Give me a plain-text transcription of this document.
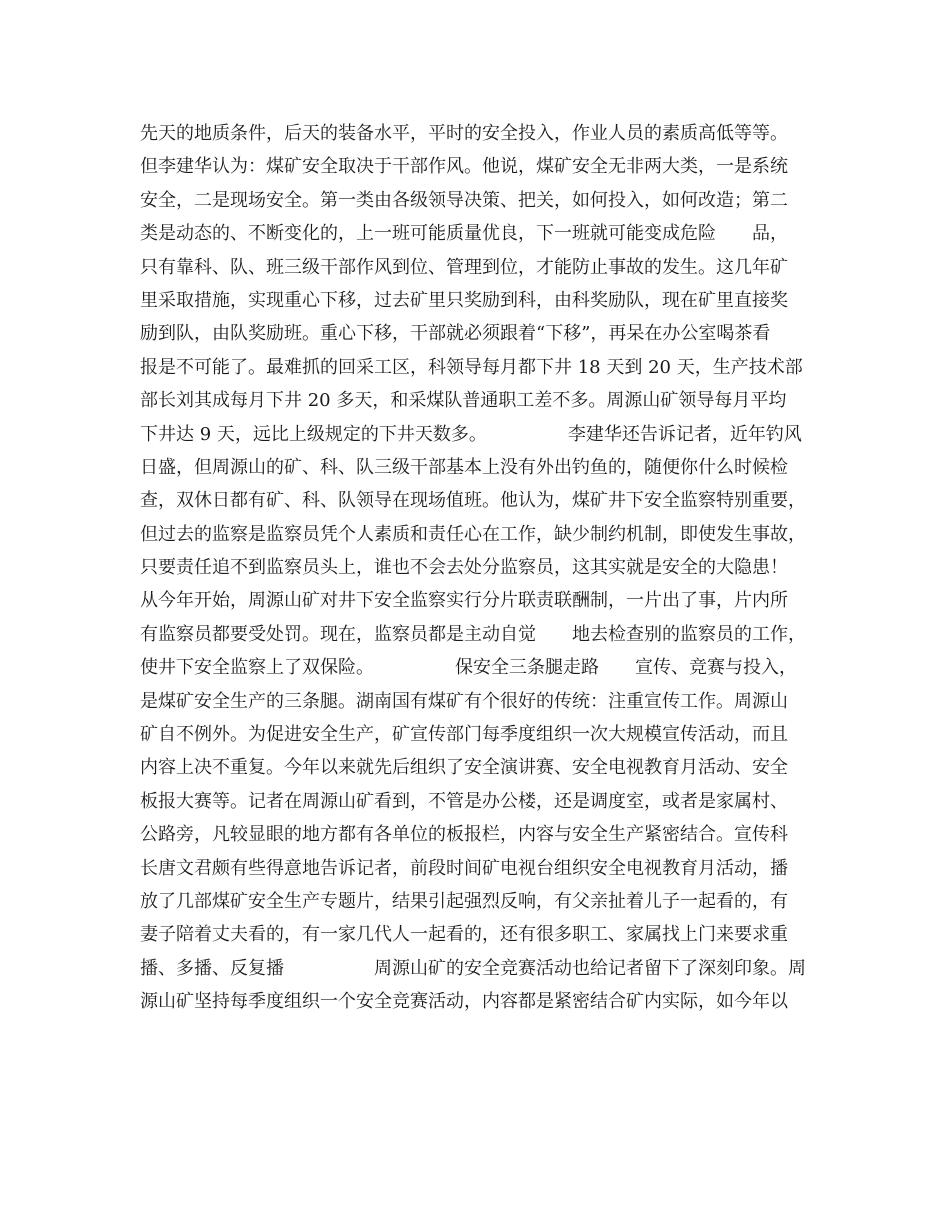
先天的地质条件，后天的装备水平，平时的安全投入，作业人员的素质高低等等。
但李建华认为：煤矿安全取决于干部作风。他说，煤矿安全无非两大类，一是系统
安全，二是现场安全。第一类由各级领导决策、把关，如何投入，如何改造；第二
类是动态的、不断变化的，上一班可能质量优良，下一班就可能变成危险　　品，
只有靠科、队、班三级干部作风到位、管理到位，才能防止事故的发生。这几年矿
里采取措施，实现重心下移，过去矿里只奖励到科，由科奖励队，现在矿里直接奖
励到队，由队奖励班。重心下移，干部就必须跟着“下移”，再呆在办公室喝茶看
报是不可能了。最难抓的回采工区，科领导每月都下井 18 天到 20 天，生产技术部
部长刘其成每月下井 20 多天，和采煤队普通职工差不多。周源山矿领导每月平均
下井达 9 天，远比上级规定的下井天数多。　　　　　李建华还告诉记者，近年钓风
日盛，但周源山的矿、科、队三级干部基本上没有外出钓鱼的，随便你什么时候检
查，双休日都有矿、科、队领导在现场值班。他认为，煤矿井下安全监察特别重要，
但过去的监察是监察员凭个人素质和责任心在工作，缺少制约机制，即使发生事故，
只要责任追不到监察员头上，谁也不会去处分监察员，这其实就是安全的大隐患！
从今年开始，周源山矿对井下安全监察实行分片联责联酬制，一片出了事，片内所
有监察员都要受处罚。现在，监察员都是主动自觉　　地去检查别的监察员的工作，
使井下安全监察上了双保险。　　　　　保安全三条腿走路　　宣传、竞赛与投入，
是煤矿安全生产的三条腿。湖南国有煤矿有个很好的传统：注重宣传工作。周源山
矿自不例外。为促进安全生产，矿宣传部门每季度组织一次大规模宣传活动，而且
内容上决不重复。今年以来就先后组织了安全演讲赛、安全电视教育月活动、安全
板报大赛等。记者在周源山矿看到，不管是办公楼，还是调度室，或者是家属村、
公路旁，凡较显眼的地方都有各单位的板报栏，内容与安全生产紧密结合。宣传科
长唐文君颇有些得意地告诉记者，前段时间矿电视台组织安全电视教育月活动，播
放了几部煤矿安全生产专题片，结果引起强烈反响，有父亲扯着儿子一起看的，有
妻子陪着丈夫看的，有一家几代人一起看的，还有很多职工、家属找上门来要求重
播、多播、反复播　　　　　周源山矿的安全竞赛活动也给记者留下了深刻印象。周
源山矿坚持每季度组织一个安全竞赛活动，内容都是紧密结合矿内实际，如今年以
